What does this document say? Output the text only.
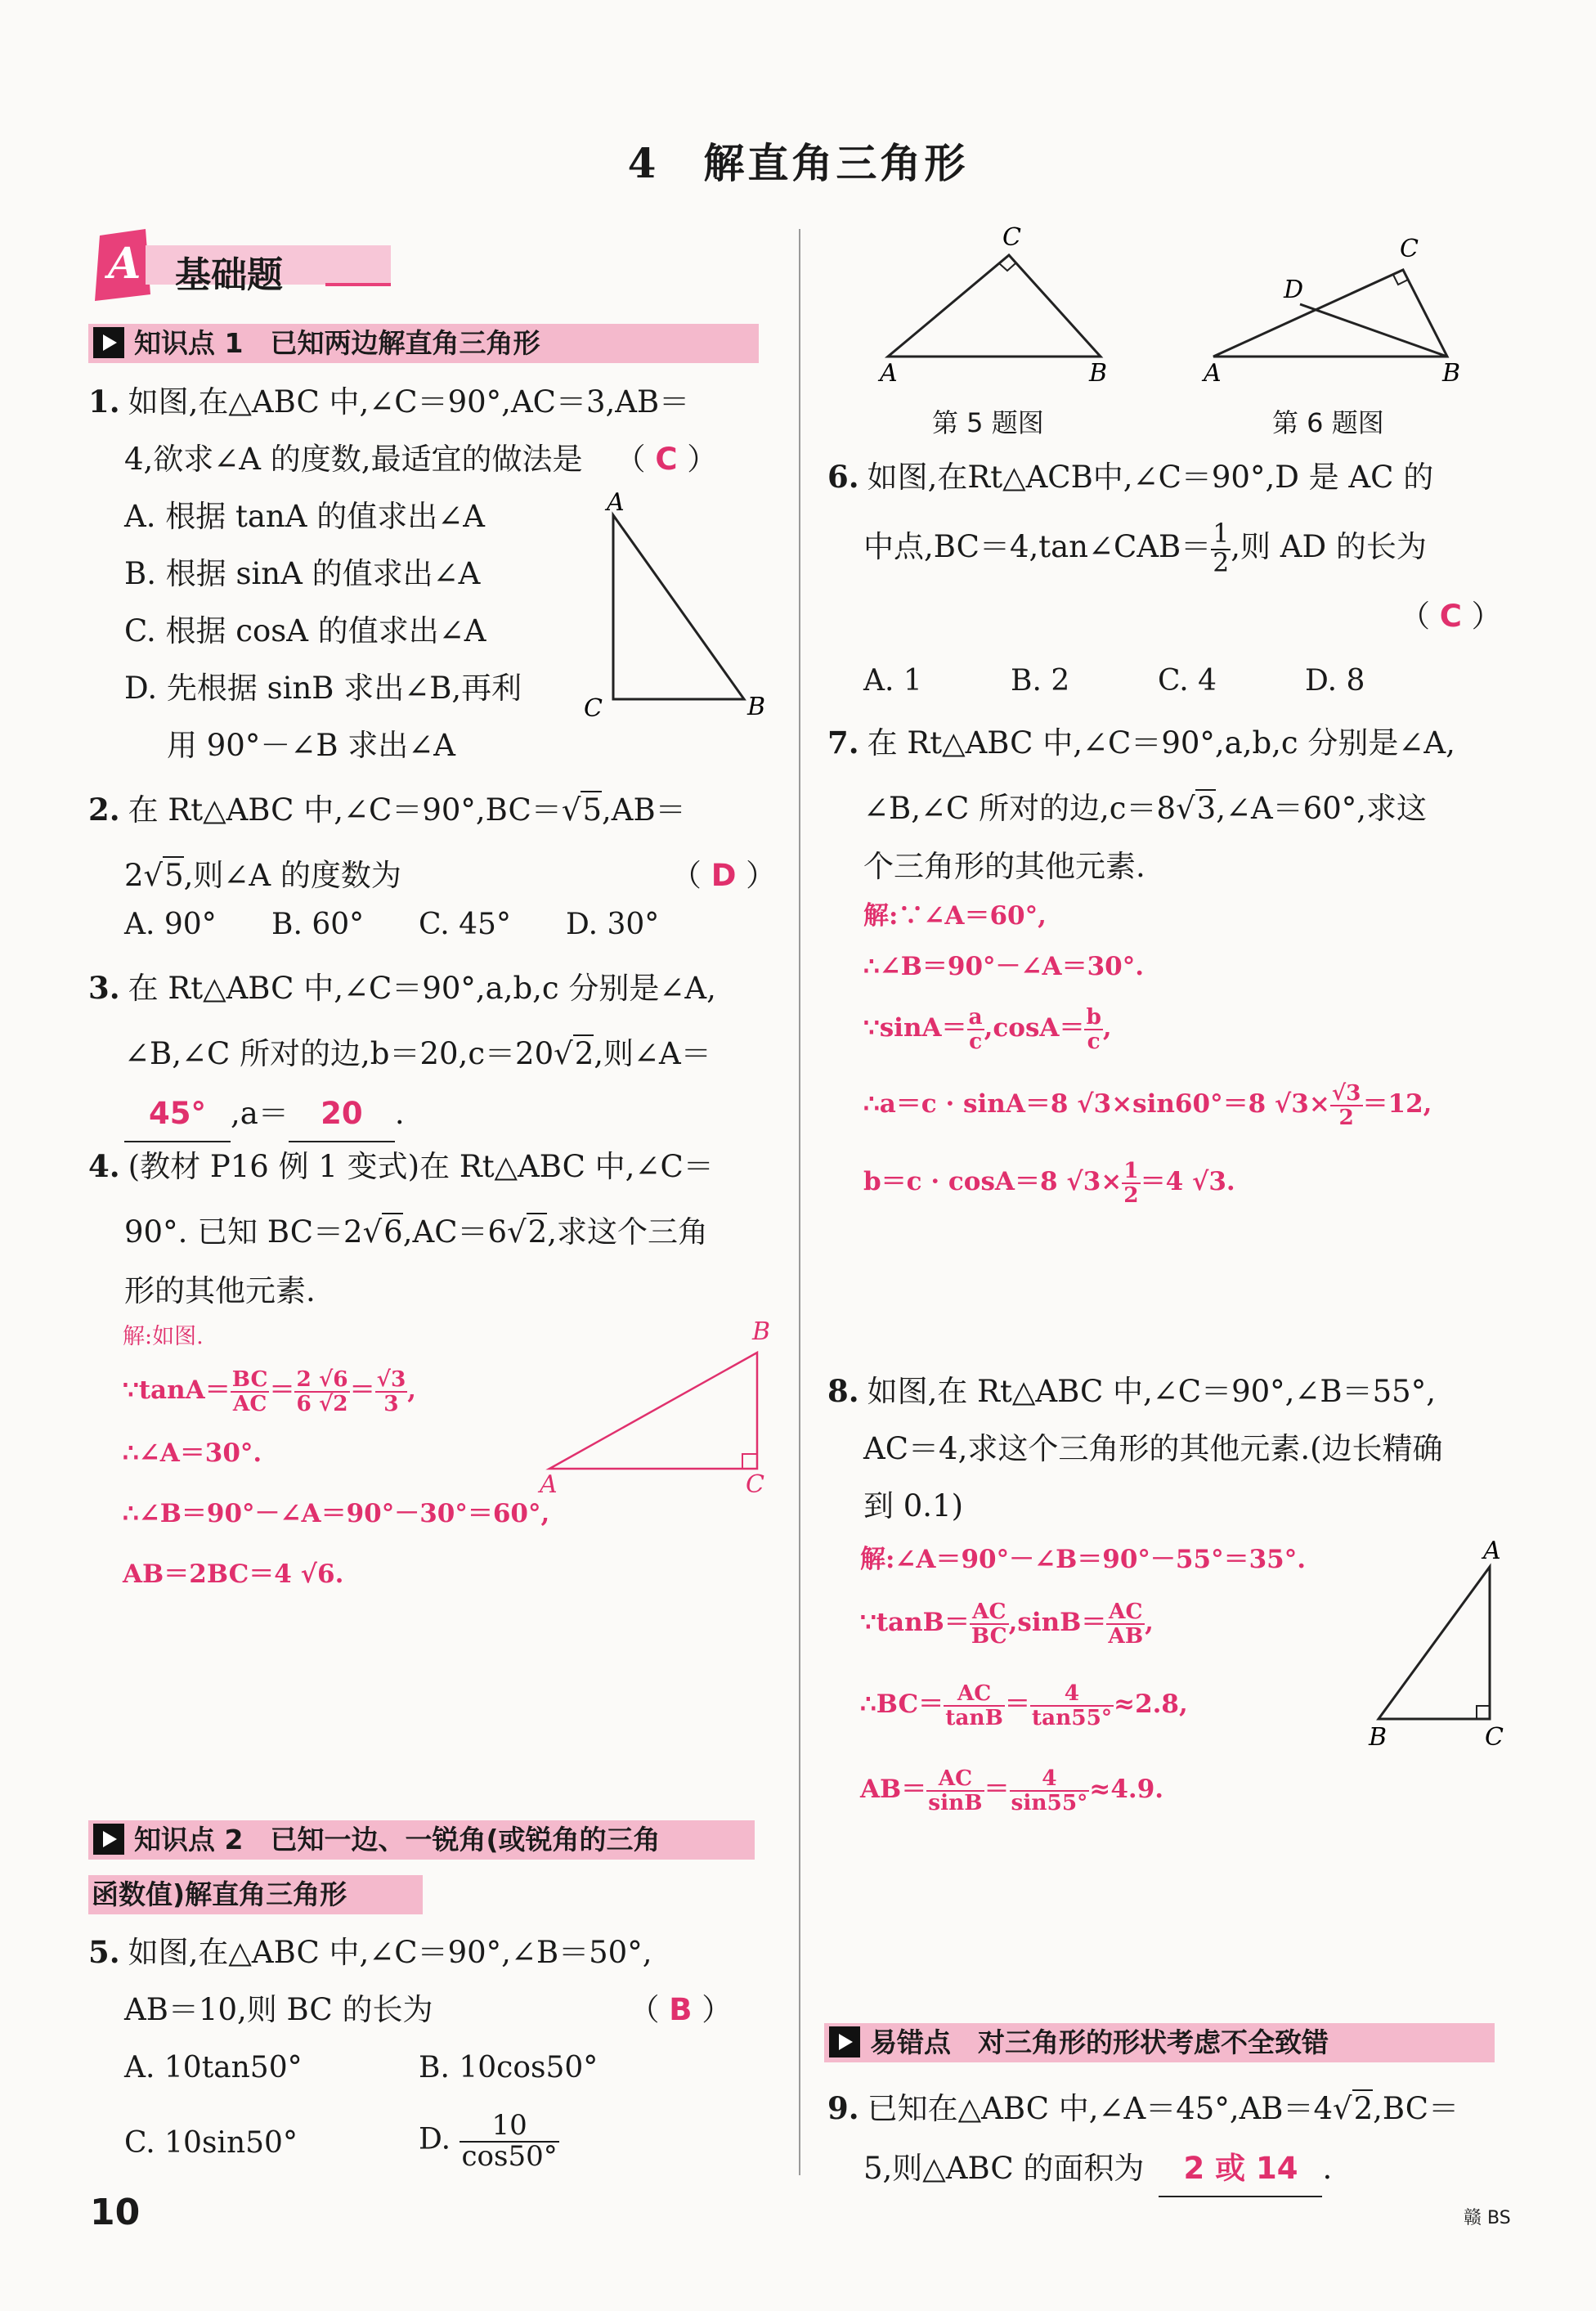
4　解直角三角形
A 基础题
知识点 1　已知两边解直角三角形
1. 如图,在△ABC 中,∠C＝90°,AC＝3,AB＝
4,欲求∠A 的度数,最适宜的做法是 （ C ）
A. 根据 tanA 的值求出∠A
B. 根据 sinA 的值求出∠A
C. 根据 cosA 的值求出∠A
D. 先根据 sinB 求出∠B,再利
用 90°－∠B 求出∠A
A
C	B
2. 在 Rt△ABC 中,∠C＝90°,BC＝√5,AB＝
2√5,则∠A 的度数为	（ D ）
A. 90° B. 60° C. 45° D. 30°
3. 在 Rt△ABC 中,∠C＝90°,a,b,c 分别是∠A,
∠B,∠C 所对的边,b＝20,c＝20√2,则∠A＝
45° ,a＝ 20 .
4. (教材 P16 例 1 变式)在 Rt△ABC 中,∠C＝
90°. 已知 BC＝2√6,AC＝6√2,求这个三角
形的其他元素.
解:如图.
∵tanA＝ $\frac{BC}{AC} = \frac{2 √6}{6 √2} = \frac{√3}{3}$ ,
∴∠A＝30°.
∴∠B＝90°－∠A＝90°－30°＝60°,
AB＝2BC＝4 √6.
B
A	C
知识点 2　已知一边、一锐角(或锐角的三角
函数值)解直角三角形
5. 如图,在△ABC 中,∠C＝90°,∠B＝50°,
AB＝10,则 BC 的长为	（ B ）
A. 10tan50°	B. 10cos50°
C. 10sin50°	D. $\frac{10}{\cos 50^\circ}$
C
A	B
第 5 题图
C
D
A	B
第 6 题图
6. 如图,在Rt△ACB中,∠C＝90°,D 是 AC 的
中点,BC＝4,tan∠CAB＝ $\frac{1}{2}$ ,则 AD 的长为
（ C ）
A. 1	B. 2	C. 4	D. 8
7. 在 Rt△ABC 中,∠C＝90°,a,b,c 分别是∠A,
∠B,∠C 所对的边,c＝8√3,∠A＝60°,求这
个三角形的其他元素.
解:∵∠A＝60°,
∴∠B＝90°－∠A＝30°.
∵sinA＝ $\frac{a}{c} ,\cos A= \frac{b}{c}$ ,
∴a＝c · sinA＝8 √3×sin60°＝8 $√3\times \frac{√3}{2} =12$,
b＝c · cosA＝8 $√3\times \frac{1}{2} =4$ √3.
8. 如图,在 Rt△ABC 中,∠C＝90°,∠B＝55°,
AC＝4,求这个三角形的其他元素.(边长精确
到 0.1)
解:∠A＝90°－∠B＝90°－55°＝35°.
∵tanB＝ $\frac{AC}{BC} ,\sin B= \frac{AC}{AB}$ ,
∴BC＝ $\frac{AC}{\tan B} = \frac{4}{\tan 55^\circ} \approx 2.8$,
$AB= \frac{AC}{\sin B} = \frac{4}{\sin 55^\circ} \approx 4.9$.
A
B	C
易错点　对三角形的形状考虑不全致错
9. 已知在△ABC 中,∠A＝45°,AB＝4√2,BC＝
5,则△ABC 的面积为 2 或 14 .
10	赣 BS
